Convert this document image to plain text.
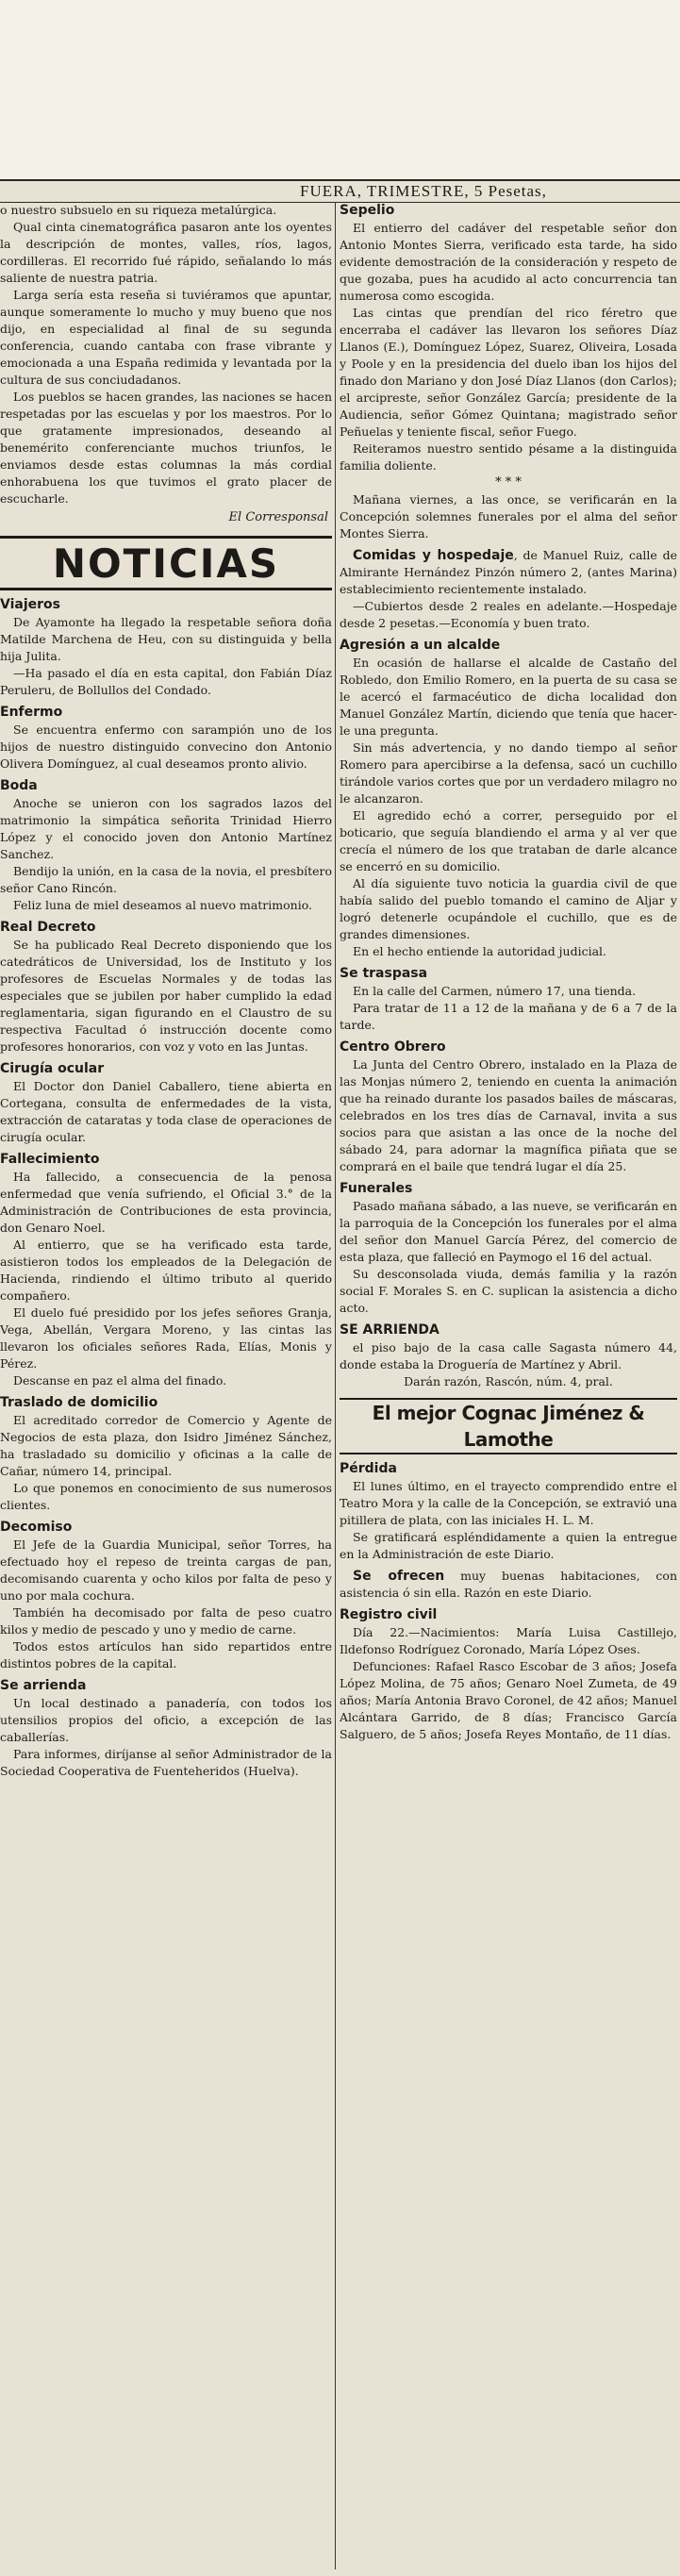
FUERA, TRIMESTRE, 5 Pesetas,

o nuestro subsuelo en su riqueza metalúrgica.

Qual cinta cinematográfica pasaron ante los oyentes la descripción de montes, valles, ríos, lagos, cordilleras. El recorrido fué rápido, señalando lo más saliente de nuestra patria.

Larga sería esta reseña si tuviéramos que apuntar, aunque someramente lo mucho y muy bueno que nos dijo, en especialidad al final de su segunda conferencia, cuando cantaba con frase vibrante y emocionada a una España redimida y levantada por la cultura de sus conciudadanos.

Los pueblos se hacen grandes, las naciones se hacen respetadas por las escuelas y por los maestros. Por lo que gratamente impresionados, deseando al benemérito conferenciante muchos triunfos, le enviamos desde estas columnas la más cordial enhorabuena los que tuvimos el grato placer de escucharle.

El Corresponsal
NOTICIAS
Viajeros

De Ayamonte ha llegado la respetable señora doña Matilde Marchena de Heu, con su distinguida y bella hija Julita.

—Ha pasado el día en esta capital, don Fabián Díaz Peruleru, de Bollullos del Condado.

Enfermo

Se encuentra enfermo con sarampión uno de los hijos de nuestro distinguido convecino don Antonio Olivera Domínguez, al cual deseamos pronto alivio.

Boda

Anoche se unieron con los sagrados lazos del matrimonio la simpática señorita Trinidad Hierro López y el conocido joven don Antonio Martínez Sanchez.

Bendijo la unión, en la casa de la novia, el presbítero señor Cano Rincón.

Feliz luna de miel deseamos al nuevo matrimonio.

Real Decreto

Se ha publicado Real Decreto disponiendo que los catedráticos de Universidad, los de Instituto y los profesores de Escuelas Normales y de todas las especiales que se jubilen por haber cumplido la edad reglamentaria, sigan figurando en el Claustro de su respectiva Facultad ó instrucción docente como profesores honorarios, con voz y voto en las Juntas.

Cirugía ocular

El Doctor don Daniel Caballero, tiene abierta en Cortegana, consulta de enfermedades de la vista, extracción de cataratas y toda clase de operaciones de cirugía ocular.

Fallecimiento

Ha fallecido, a consecuencia de la penosa enfermedad que venía sufriendo, el Oficial 3.° de la Administración de Contribuciones de esta provincia, don Genaro Noel.

Al entierro, que se ha verificado esta tarde, asistieron todos los empleados de la Delegación de Hacienda, rindiendo el último tributo al querido compañero.

El duelo fué presidido por los jefes señores Granja, Vega, Abellán, Vergara Moreno, y las cintas las llevaron los oficiales señores Rada, Elías, Monis y Pérez.

Descanse en paz el alma del finado.

Traslado de domicilio

El acreditado corredor de Comercio y Agente de Negocios de esta plaza, don Isidro Jiménez Sánchez, ha trasladado su domicilio y oficinas a la calle de Cañar, número 14, principal.

Lo que ponemos en conocimiento de sus numerosos clientes.

Decomiso

El Jefe de la Guardia Municipal, señor Torres, ha efectuado hoy el repeso de treinta cargas de pan, decomisando cuarenta y ocho kilos por falta de peso y uno por mala cochura.

También ha decomisado por falta de peso cuatro kilos y medio de pescado y uno y medio de carne.

Todos estos artículos han sido repartidos entre distintos pobres de la capital.

Se arrienda

Un local destinado a panadería, con todos los utensilios propios del oficio, a excepción de las caballerías.

Para informes, diríjanse al señor Administrador de la Sociedad Cooperativa de Fuenteheridos (Huelva).

Sepelio

El entierro del cadáver del respetable señor don Antonio Montes Sierra, verificado esta tarde, ha sido evidente demostración de la consideración y respeto de que gozaba, pues ha acudido al acto concurrencia tan numerosa como escogida.

Las cintas que prendían del rico féretro que encerraba el cadáver las llevaron los señores Díaz Llanos (E.), Domínguez López, Suarez, Oliveira, Losada y Poole y en la presidencia del duelo iban los hijos del finado don Mariano y don José Díaz Llanos (don Carlos); el arcipreste, señor González García; presidente de la Audiencia, señor Gómez Quintana; magistrado señor Peñuelas y teniente fiscal, señor Fuego.

Reiteramos nuestro sentido pésame a la distinguida familia doliente.

* * *

Mañana viernes, a las once, se verificarán en la Concepción solemnes funerales por el alma del señor Montes Sierra.

Comidas y hospedaje, de Manuel Ruiz, calle de Almirante Hernández Pinzón número 2, (antes Marina) establecimiento recientemente instalado.

—Cubiertos desde 2 reales en adelante.—Hospedaje desde 2 pesetas.—Economía y buen trato.

Agresión a un alcalde

En ocasión de hallarse el alcalde de Castaño del Robledo, don Emilio Romero, en la puerta de su casa se le acercó el farmacéutico de dicha localidad don Manuel González Martín, diciendo que tenía que hacer-le una pregunta.

Sin más advertencia, y no dando tiempo al señor Romero para apercibirse a la defensa, sacó un cuchillo tirándole varios cortes que por un verdadero milagro no le alcanzaron.

El agredido echó a correr, perseguido por el boticario, que seguía blandiendo el arma y al ver que crecía el número de los que trataban de darle alcance se encerró en su domicilio.

Al día siguiente tuvo noticia la guardia civil de que había salido del pueblo tomando el camino de Aljar y logró detenerle ocupándole el cuchillo, que es de grandes dimensiones.

En el hecho entiende la autoridad judicial.

Se traspasa

En la calle del Carmen, número 17, una tienda.

Para tratar de 11 a 12 de la mañana y de 6 a 7 de la tarde.

Centro Obrero

La Junta del Centro Obrero, instalado en la Plaza de las Monjas número 2, teniendo en cuenta la animación que ha reinado durante los pasados bailes de máscaras, celebrados en los tres días de Carnaval, invita a sus socios para que asistan a las once de la noche del sábado 24, para adornar la magnífica piñata que se comprará en el baile que tendrá lugar el día 25.

Funerales

Pasado mañana sábado, a las nueve, se verificarán en la parroquia de la Concepción los funerales por el alma del señor don Manuel García Pérez, del comercio de esta plaza, que falleció en Paymogo el 16 del actual.

Su desconsolada viuda, demás familia y la razón social F. Morales S. en C. suplican la asistencia a dicho acto.

SE ARRIENDA

el piso bajo de la casa calle Sagasta número 44, donde estaba la Droguería de Martínez y Abril.

Darán razón, Rascón, núm. 4, pral.

El mejor Cognac Jiménez & Lamothe
Pérdida

El lunes último, en el trayecto comprendido entre el Teatro Mora y la calle de la Concepción, se extravió una pitillera de plata, con las iniciales H. L. M.

Se gratificará espléndidamente a quien la entregue en la Administración de este Diario.

Se ofrecen muy buenas habitaciones, con asistencia ó sin ella. Razón en este Diario.

Registro civil

Día 22.—Nacimientos: María Luisa Castillejo, Ildefonso Rodríguez Coronado, María López Oses.

Defunciones: Rafael Rasco Escobar de 3 años; Josefa López Molina, de 75 años; Genaro Noel Zumeta, de 49 años; María Antonia Bravo Coronel, de 42 años; Manuel Alcántara Garrido, de 8 días; Francisco García Salguero, de 5 años; Josefa Reyes Montaño, de 11 días.
